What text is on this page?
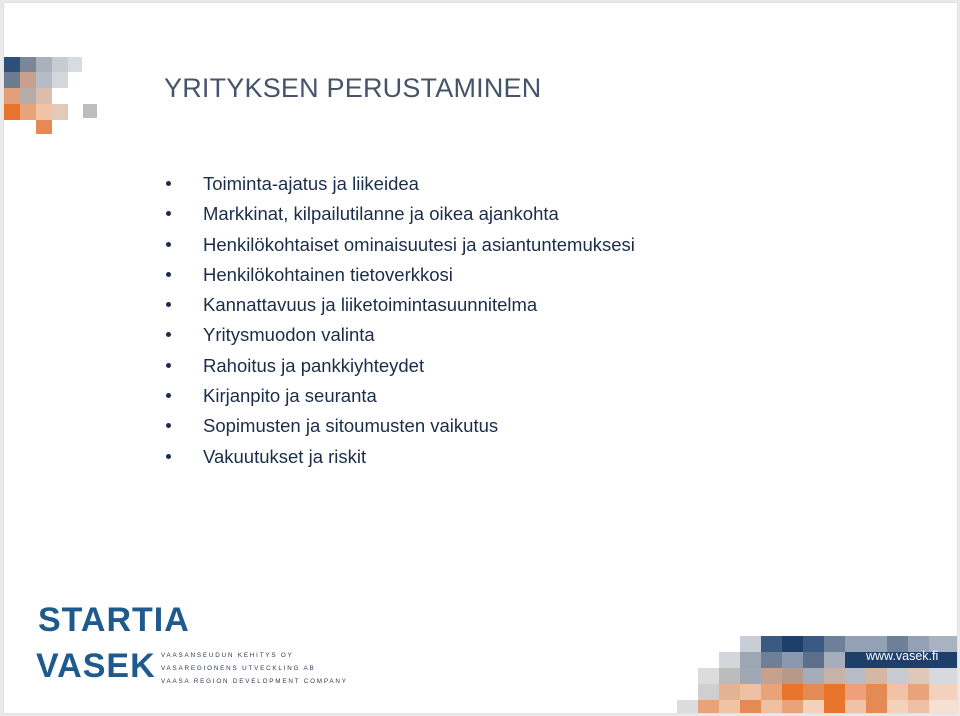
YRITYKSEN PERUSTAMINEN
Toiminta-ajatus ja liikeidea
Markkinat, kilpailutilanne ja oikea ajankohta
Henkilökohtaiset ominaisuutesi ja asiantuntemuksesi
Henkilökohtainen tietoverkkosi
Kannattavuus ja liiketoimintasuunnitelma
Yritysmuodon valinta
Rahoitus ja pankkiyhteydet
Kirjanpito ja seuranta
Sopimusten ja sitoumusten vaikutus
Vakuutukset ja riskit
STARTIA
VASEK VAASANSEUDUN KEHITYS OY
VASAREGIONENS UTVECKLING AB
VAASA REGION DEVELOPMENT COMPANY
www.vasek.fi
